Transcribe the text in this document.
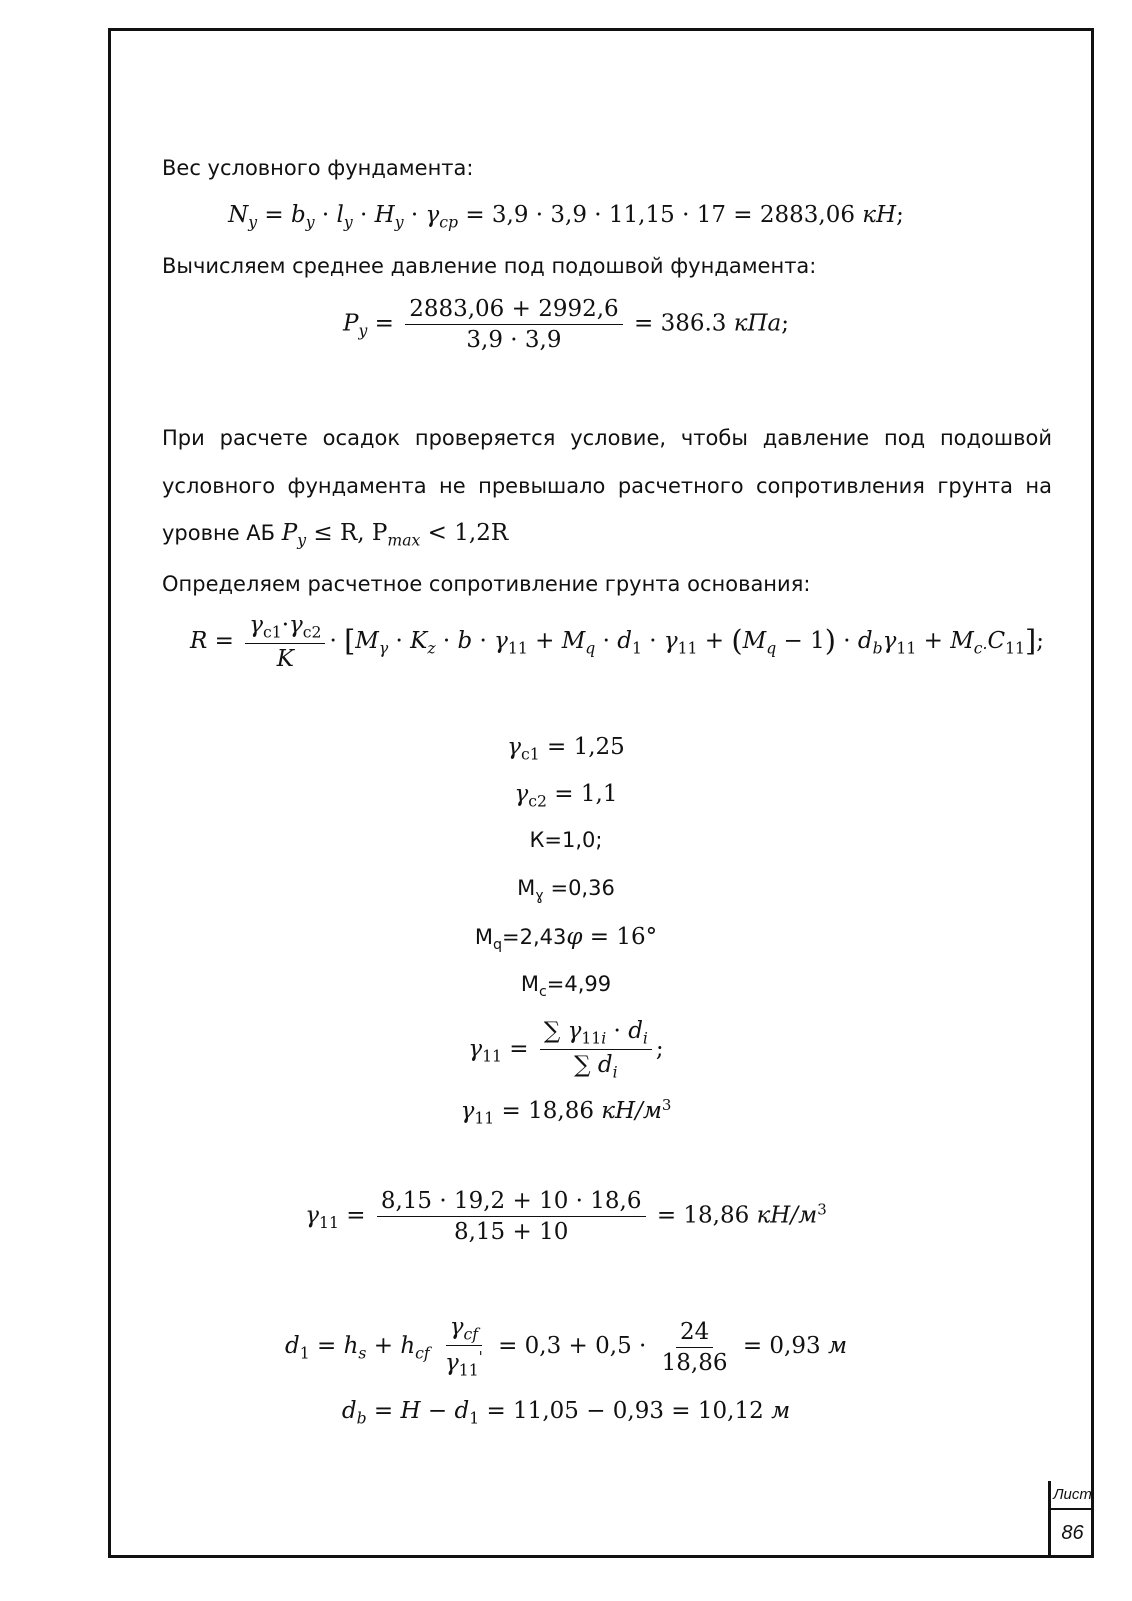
Вес условного фундамента:
$N_y = b_y \cdot l_y \cdot H_y \cdot \gamma_{cp} = 3,9 \cdot 3,9 \cdot 11,15 \cdot 17 = 2883,06$ кН;
Вычисляем среднее давление под подошвой фундамента:
$P_y = \frac{2883,06 + 2992,6}{3,9 \cdot 3,9} = 386.3$ кПа;
При расчете осадок проверяется условие, чтобы давление под подошвой
условного фундамента не превышало расчетного сопротивления грунта на
уровне АБ $P_y \le R$, $P_{max} < 1,2R$
Определяем расчетное сопротивление грунта основания:
$R = \frac{\gamma_{c1}\cdot\gamma_{c2}}{K} \cdot [M_\gamma \cdot K_z \cdot b \cdot \gamma_{11} + M_q \cdot d_1 \cdot \gamma_{11} + (M_q - 1) \cdot d_b\gamma_{11} + M_{c\cdot}C_{11}]$;
$\gamma_{c1} = 1,25$
$\gamma_{c2} = 1,1$
К=1,0;
$M_ɣ =0,36$
$M_q=2,43\varphi = 16^\circ$
$M_c=4,99$
$\gamma_{11} = \frac{\sum \gamma_{11i} \cdot d_i}{\sum d_i}$ ;
$\gamma_{11} = 18,86$ $кН/м^3$
$\gamma_{11} = \frac{8,15 \cdot 19,2 + 10 \cdot 18,6}{8,15 + 10} = 18,86$ $кН/м^3$
$d_1 = h_s + h_{cf} \frac{\gamma_{cf}}{\gamma_{11}'} = 0,3 + 0,5 \cdot \frac{24}{18,86} = 0,93$ м
$d_b = H - d_1 = 11,05 - 0,93 = 10,12$ м
Лист
86
